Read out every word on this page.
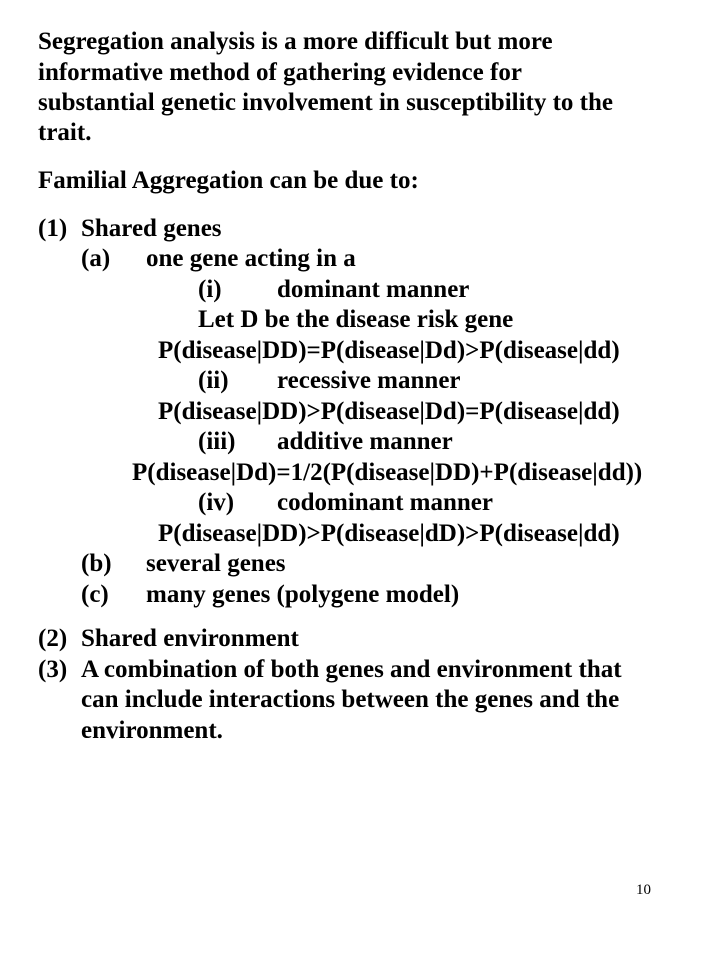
Segregation analysis is a more difficult but more
informative method of gathering evidence for
substantial genetic involvement in susceptibility to the
trait.
Familial Aggregation can be due to:
(1) Shared genes
(a) one gene acting in a
(i) dominant manner
Let D be the disease risk gene
P(disease|DD)=P(disease|Dd)>P(disease|dd)
(ii) recessive manner
P(disease|DD)>P(disease|Dd)=P(disease|dd)
(iii) additive manner
P(disease|Dd)=1/2(P(disease|DD)+P(disease|dd))
(iv) codominant manner
P(disease|DD)>P(disease|dD)>P(disease|dd)
(b) several genes
(c) many genes (polygene model)
(2) Shared environment
(3) A combination of both genes and environment that
can include interactions between the genes and the
environment.
10
